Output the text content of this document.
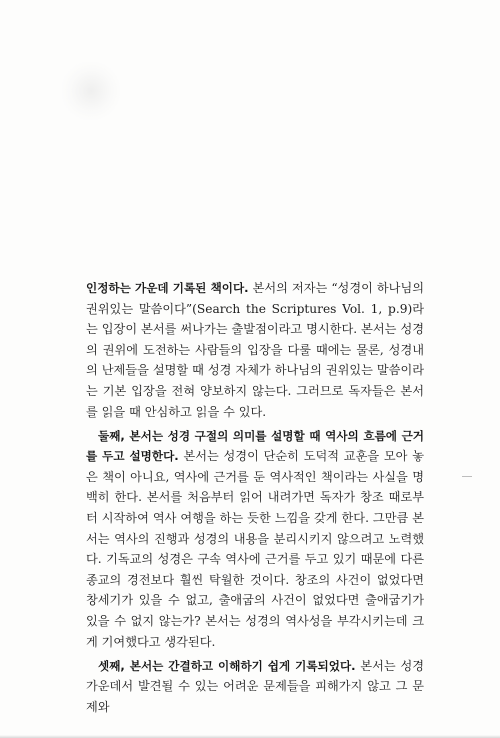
인정하는 가운데 기록된 책이다. 본서의 저자는 “성경이 하나님의 권위있는 말씀이다”(Search the Scriptures Vol. 1, p.9)라는 입장이 본서를 써나가는 출발점이라고 명시한다. 본서는 성경의 권위에 도전하는 사람들의 입장을 다룰 때에는 물론, 성경내의 난제들을 설명할 때 성경 자체가 하나님의 권위있는 말씀이라는 기본 입장을 전혀 양보하지 않는다. 그러므로 독자들은 본서를 읽을 때 안심하고 읽을 수 있다.

둘째, 본서는 성경 구절의 의미를 설명할 때 역사의 흐름에 근거를 두고 설명한다. 본서는 성경이 단순히 도덕적 교훈을 모아 놓은 책이 아니요, 역사에 근거를 둔 역사적인 책이라는 사실을 명백히 한다. 본서를 처음부터 읽어 내려가면 독자가 창조 때로부터 시작하여 역사 여행을 하는 듯한 느낌을 갖게 한다. 그만큼 본서는 역사의 진행과 성경의 내용을 분리시키지 않으려고 노력했다. 기독교의 성경은 구속 역사에 근거를 두고 있기 때문에 다른 종교의 경전보다 훨씬 탁월한 것이다. 창조의 사건이 없었다면 창세기가 있을 수 없고, 출애굽의 사건이 없었다면 출애굽기가 있을 수 없지 않는가? 본서는 성경의 역사성을 부각시키는데 크게 기여했다고 생각된다.

셋째, 본서는 간결하고 이해하기 쉽게 기록되었다. 본서는 성경 가운데서 발견될 수 있는 어려운 문제들을 피해가지 않고 그 문제와
